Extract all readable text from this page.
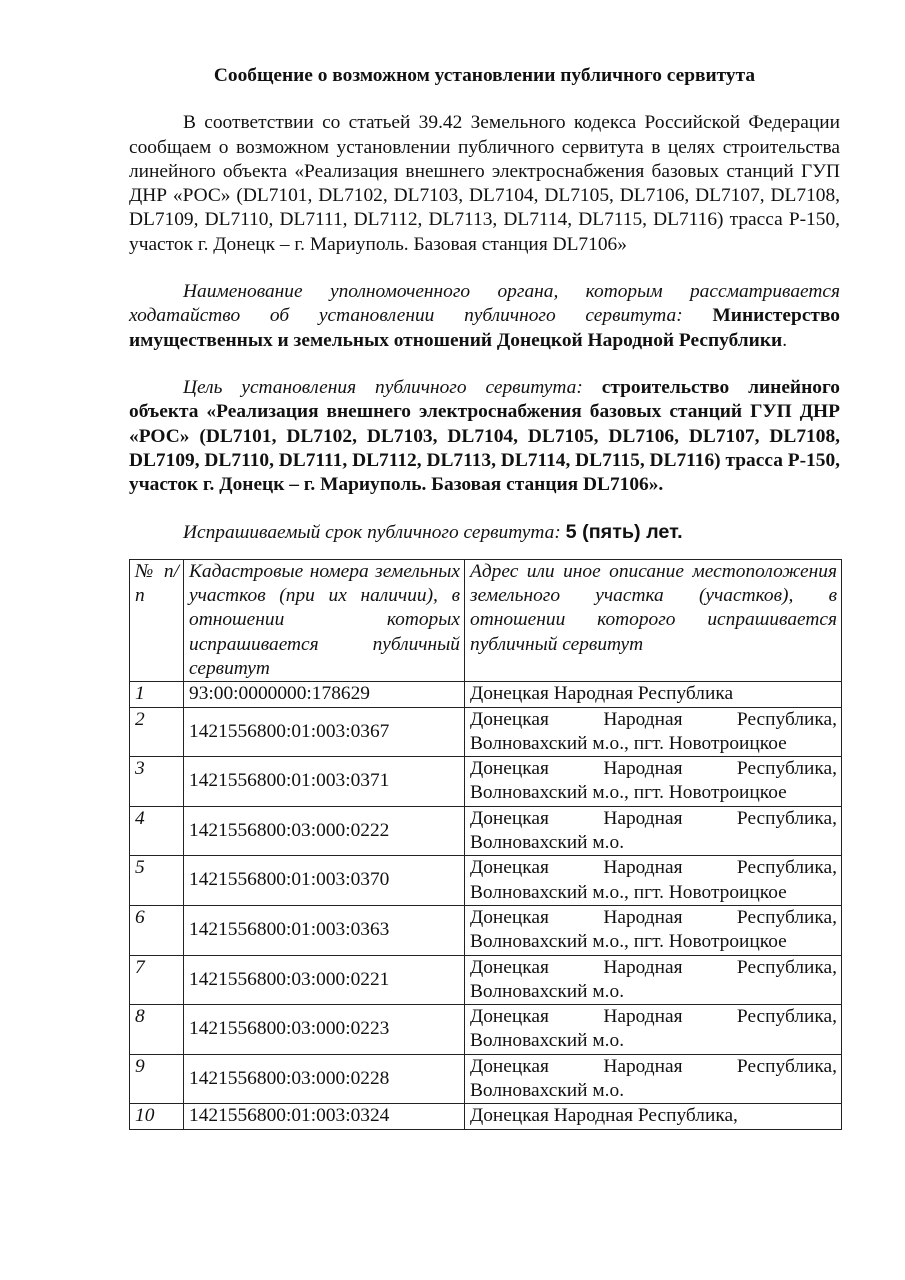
Сообщение о возможном установлении публичного сервитута
В соответствии со статьей 39.42 Земельного кодекса Российской Федерации сообщаем о возможном установлении публичного сервитута в целях строительства линейного объекта «Реализация внешнего электроснабжения базовых станций ГУП ДНР «РОС» (DL7101, DL7102, DL7103, DL7104, DL7105, DL7106, DL7107, DL7108, DL7109, DL7110, DL7111, DL7112, DL7113, DL7114, DL7115, DL7116) трасса Р-150, участок г. Донецк – г. Мариуполь. Базовая станция DL7106»
Наименование уполномоченного органа, которым рассматривается ходатайство об установлении публичного сервитута: Министерство имущественных и земельных отношений Донецкой Народной Республики.
Цель установления публичного сервитута: строительство линейного объекта «Реализация внешнего электроснабжения базовых станций ГУП ДНР «РОС» (DL7101, DL7102, DL7103, DL7104, DL7105, DL7106, DL7107, DL7108, DL7109, DL7110, DL7111, DL7112, DL7113, DL7114, DL7115, DL7116) трасса Р-150, участок г. Донецк – г. Мариуполь. Базовая станция DL7106».
Испрашиваемый срок публичного сервитута: 5 (пять) лет.
№ п/п	Кадастровые номера земельных участков (при их наличии), в отношении которых испрашивается публичный сервитут	Адрес или иное описание местоположения земельного участка (участков), в отношении которого испрашивается публичный сервитут
1	93:00:0000000:178629	Донецкая Народная Республика
2	1421556800:01:003:0367	Донецкая Народная Республика, Волновахский м.о., пгт. Новотроицкое
3	1421556800:01:003:0371	Донецкая Народная Республика, Волновахский м.о., пгт. Новотроицкое
4	1421556800:03:000:0222	Донецкая Народная Республика, Волновахский м.о.
5	1421556800:01:003:0370	Донецкая Народная Республика, Волновахский м.о., пгт. Новотроицкое
6	1421556800:01:003:0363	Донецкая Народная Республика, Волновахский м.о., пгт. Новотроицкое
7	1421556800:03:000:0221	Донецкая Народная Республика, Волновахский м.о.
8	1421556800:03:000:0223	Донецкая Народная Республика, Волновахский м.о.
9	1421556800:03:000:0228	Донецкая Народная Республика, Волновахский м.о.
10	1421556800:01:003:0324	Донецкая Народная Республика,
